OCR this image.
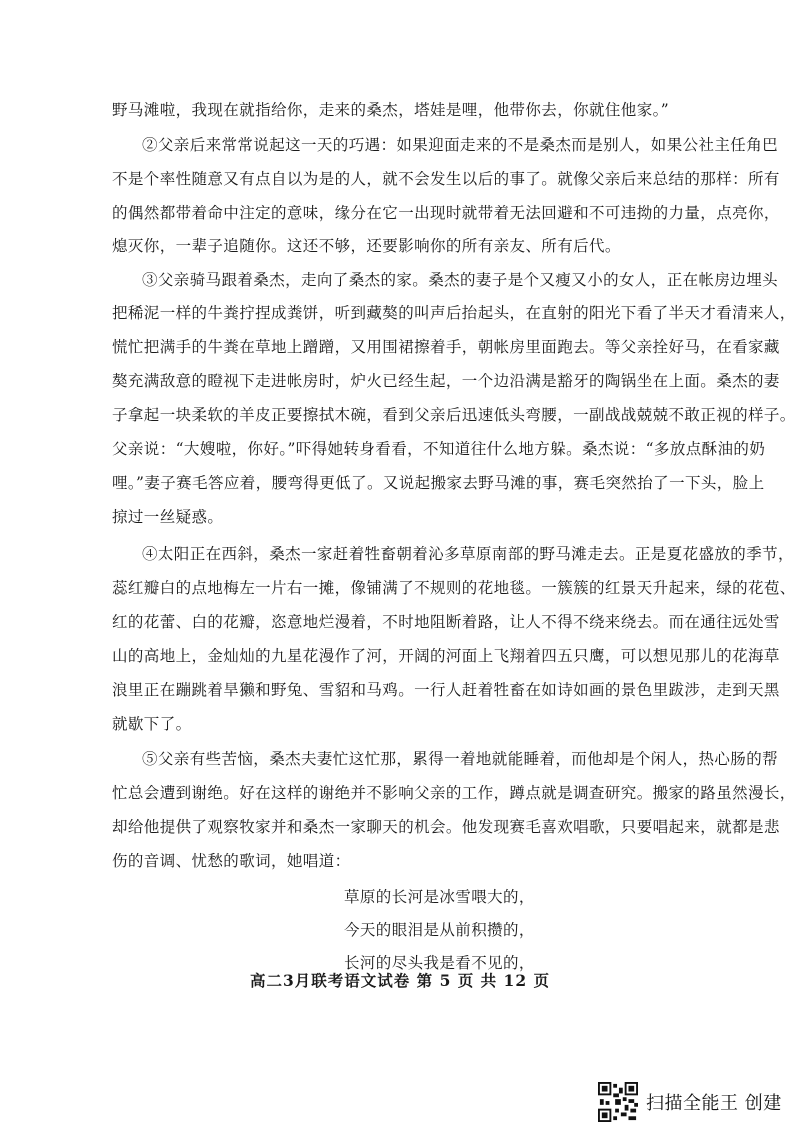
野马滩啦，我现在就指给你，走来的桑杰，塔娃是哩，他带你去，你就住他家。”
②父亲后来常常说起这一天的巧遇：如果迎面走来的不是桑杰而是别人，如果公社主任角巴
不是个率性随意又有点自以为是的人，就不会发生以后的事了。就像父亲后来总结的那样：所有
的偶然都带着命中注定的意味，缘分在它一出现时就带着无法回避和不可违拗的力量，点亮你，
熄灭你，一辈子追随你。这还不够，还要影响你的所有亲友、所有后代。
③父亲骑马跟着桑杰，走向了桑杰的家。桑杰的妻子是个又瘦又小的女人，正在帐房边埋头
把稀泥一样的牛粪拧捏成粪饼，听到藏獒的叫声后抬起头，在直射的阳光下看了半天才看清来人，
慌忙把满手的牛粪在草地上蹭蹭，又用围裙擦着手，朝帐房里面跑去。等父亲拴好马，在看家藏
獒充满敌意的瞪视下走进帐房时，炉火已经生起，一个边沿满是豁牙的陶锅坐在上面。桑杰的妻
子拿起一块柔软的羊皮正要擦拭木碗，看到父亲后迅速低头弯腰，一副战战兢兢不敢正视的样子。
父亲说：“大嫂啦，你好。”吓得她转身看看，不知道往什么地方躲。桑杰说：“多放点酥油的奶
哩。”妻子赛毛答应着，腰弯得更低了。又说起搬家去野马滩的事，赛毛突然抬了一下头，脸上
掠过一丝疑惑。
④太阳正在西斜，桑杰一家赶着牲畜朝着沁多草原南部的野马滩走去。正是夏花盛放的季节，
蕊红瓣白的点地梅左一片右一摊，像铺满了不规则的花地毯。一簇簇的红景天升起来，绿的花苞、
红的花蕾、白的花瓣，恣意地烂漫着，不时地阻断着路，让人不得不绕来绕去。而在通往远处雪
山的高地上，金灿灿的九星花漫作了河，开阔的河面上飞翔着四五只鹰，可以想见那儿的花海草
浪里正在蹦跳着旱獭和野兔、雪貂和马鸡。一行人赶着牲畜在如诗如画的景色里跋涉，走到天黑
就歇下了。
⑤父亲有些苦恼，桑杰夫妻忙这忙那，累得一着地就能睡着，而他却是个闲人，热心肠的帮
忙总会遭到谢绝。好在这样的谢绝并不影响父亲的工作，蹲点就是调查研究。搬家的路虽然漫长，
却给他提供了观察牧家并和桑杰一家聊天的机会。他发现赛毛喜欢唱歌，只要唱起来，就都是悲
伤的音调、忧愁的歌词，她唱道：
草原的长河是冰雪喂大的，
今天的眼泪是从前积攒的，
高二3月联考语文试卷 第 5 页 共 12 页
扫描全能王 创建
长河的尽头我是看不见的，
